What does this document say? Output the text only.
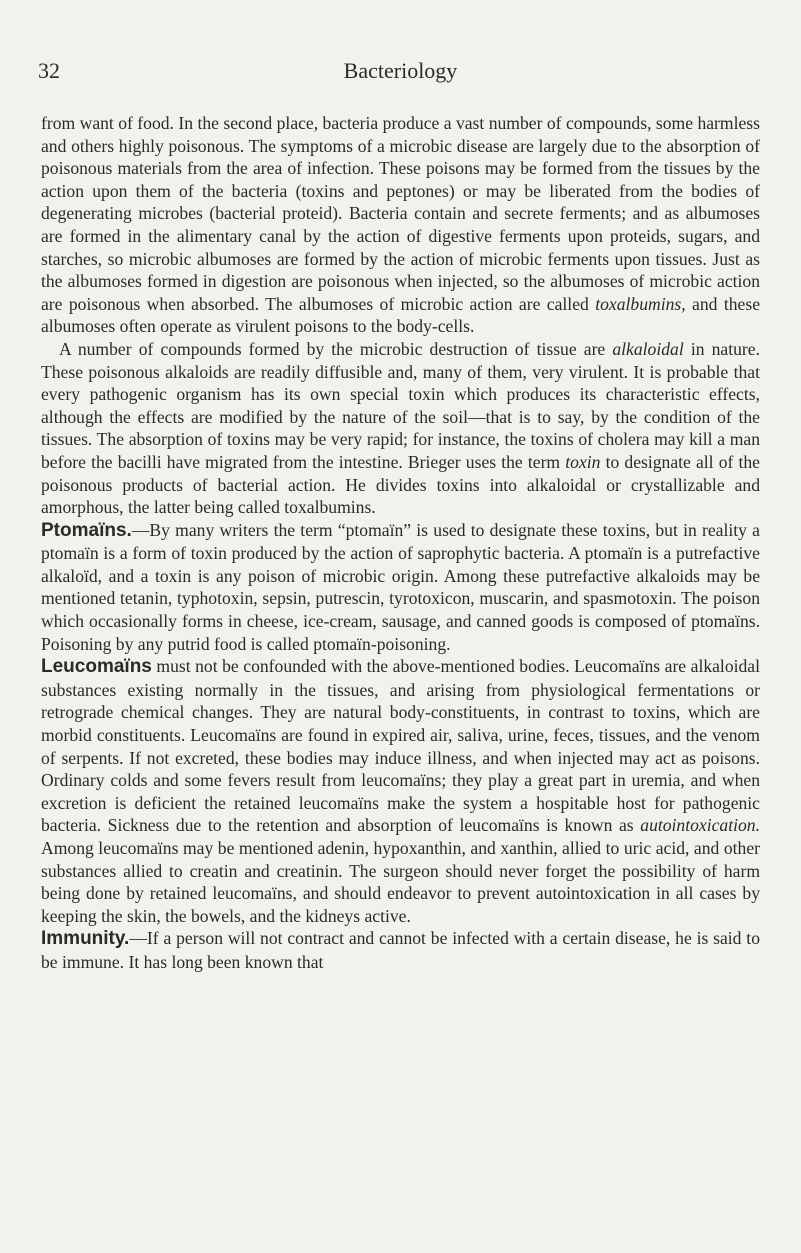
32	Bacteriology

from want of food. In the second place, bacteria produce a vast number of compounds, some harmless and others highly poisonous. The symptoms of a microbic disease are largely due to the absorption of poisonous materials from the area of infection. These poisons may be formed from the tissues by the action upon them of the bacteria (toxins and peptones) or may be liberated from the bodies of degenerating microbes (bacterial proteid). Bacteria contain and secrete ferments; and as albumoses are formed in the alimentary canal by the action of digestive ferments upon proteids, sugars, and starches, so microbic albumoses are formed by the action of microbic ferments upon tissues. Just as the albumoses formed in digestion are poisonous when injected, so the albumoses of microbic action are poisonous when absorbed. The albumoses of microbic action are called toxalbumins, and these albumoses often operate as virulent poisons to the body-cells.

A number of compounds formed by the microbic destruction of tissue are alkaloidal in nature. These poisonous alkaloids are readily diffusible and, many of them, very virulent. It is probable that every pathogenic organism has its own special toxin which produces its characteristic effects, although the effects are modified by the nature of the soil—that is to say, by the condition of the tissues. The absorption of toxins may be very rapid; for instance, the toxins of cholera may kill a man before the bacilli have migrated from the intestine. Brieger uses the term toxin to designate all of the poisonous products of bacterial action. He divides toxins into alkaloidal or crystallizable and amorphous, the latter being called toxalbumins.

Ptomaïns.—By many writers the term “ptomaïn” is used to designate these toxins, but in reality a ptomaïn is a form of toxin produced by the action of saprophytic bacteria. A ptomaïn is a putrefactive alkaloïd, and a toxin is any poison of microbic origin. Among these putrefactive alkaloids may be mentioned tetanin, typhotoxin, sepsin, putrescin, tyrotoxicon, muscarin, and spasmotoxin. The poison which occasionally forms in cheese, ice-cream, sausage, and canned goods is composed of ptomaïns. Poisoning by any putrid food is called ptomaïn-poisoning.

Leucomaïns must not be confounded with the above-mentioned bodies. Leucomaïns are alkaloidal substances existing normally in the tissues, and arising from physiological fermentations or retrograde chemical changes. They are natural body-constituents, in contrast to toxins, which are morbid constituents. Leucomaïns are found in expired air, saliva, urine, feces, tissues, and the venom of serpents. If not excreted, these bodies may induce illness, and when injected may act as poisons. Ordinary colds and some fevers result from leucomaïns; they play a great part in uremia, and when excretion is deficient the retained leucomaïns make the system a hospitable host for pathogenic bacteria. Sickness due to the retention and absorption of leucomaïns is known as autointoxication. Among leucomaïns may be mentioned adenin, hypoxanthin, and xanthin, allied to uric acid, and other substances allied to creatin and creatinin. The surgeon should never forget the possibility of harm being done by retained leucomaïns, and should endeavor to prevent autointoxication in all cases by keeping the skin, the bowels, and the kidneys active.

Immunity.—If a person will not contract and cannot be infected with a certain disease, he is said to be immune. It has long been known that
